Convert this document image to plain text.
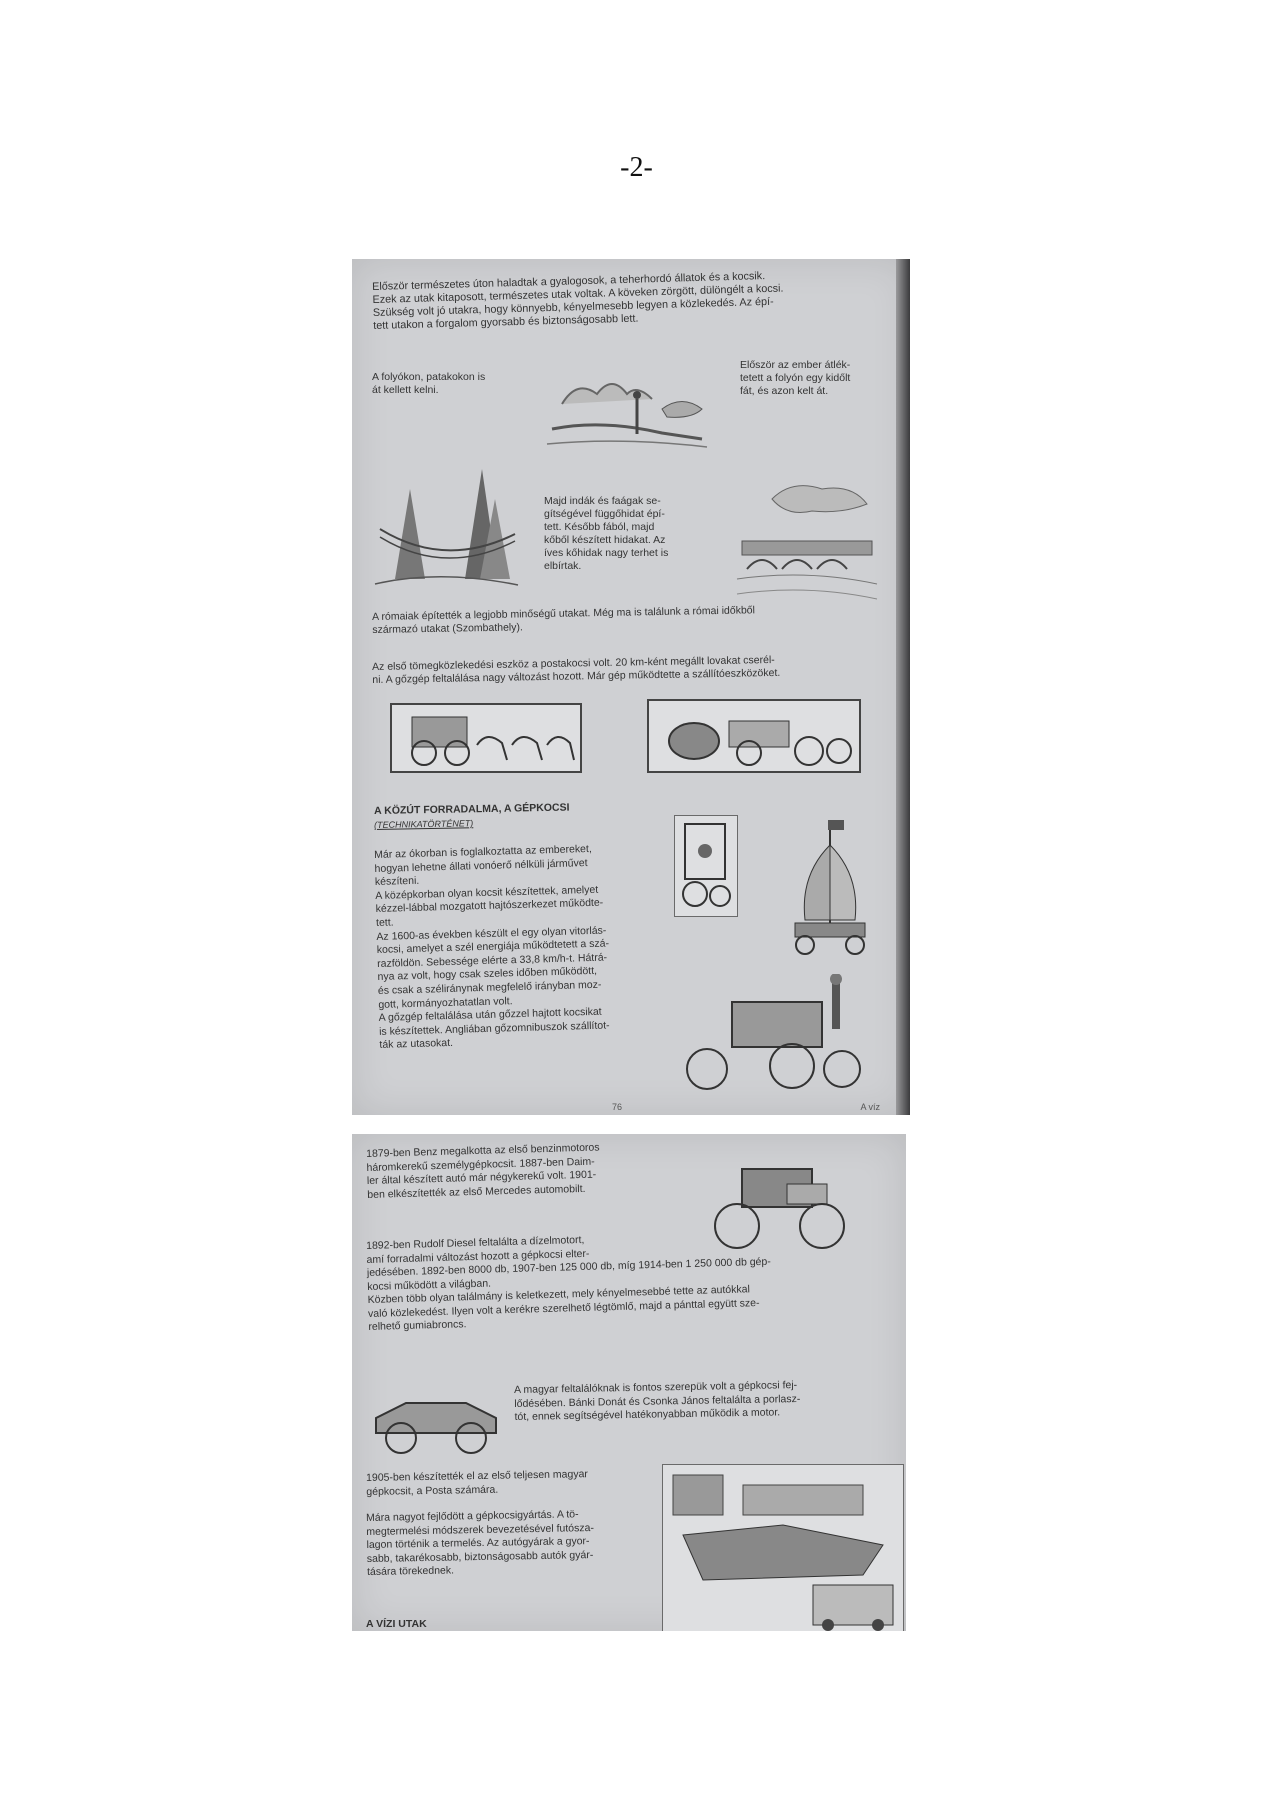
-2-
Először természetes úton haladtak a gyalogosok, a teherhordó állatok és a kocsik.
Ezek az utak kitaposott, természetes utak voltak. A köveken zörgött, dülöngélt a kocsi.
Szükség volt jó utakra, hogy könnyebb, kényelmesebb legyen a közlekedés. Az épí-
tett utakon a forgalom gyorsabb és biztonságosabb lett.
A folyókon, patakokon is
át kellett kelni.
Először az ember átlék-
tetett a folyón egy kidőlt
fát, és azon kelt át.
Majd indák és faágak se-
gítségével függőhidat épí-
tett. Később fából, majd
kőből készített hidakat. Az
íves kőhidak nagy terhet is
elbírtak.
A rómaiak építették a legjobb minőségű utakat. Még ma is találunk a római időkből
származó utakat (Szombathely).
Az első tömegközlekedési eszköz a postakocsi volt. 20 km-ként megállt lovakat cserél-
ni. A gőzgép feltalálása nagy változást hozott. Már gép működtette a szállítóeszközöket.
A KÖZÚT FORRADALMA, A GÉPKOCSI
(TECHNIKATÖRTÉNET)
Már az ókorban is foglalkoztatta az embereket,
hogyan lehetne állati vonóerő nélküli járművet
készíteni.
A középkorban olyan kocsit készítettek, amelyet
kézzel-lábbal mozgatott hajtószerkezet működte-
tett.
Az 1600-as években készült el egy olyan vitorlás-
kocsi, amelyet a szél energiája működtetett a szá-
razföldön. Sebessége elérte a 33,8 km/h-t. Hátrá-
nya az volt, hogy csak szeles időben működött,
és csak a széliránynak megfelelő irányban moz-
gott, kormányozhatatlan volt.
A gőzgép feltalálása után gőzzel hajtott kocsikat
is készítettek. Angliában gőzomnibuszok szállítot-
ták az utasokat.
76	A víz
1879-ben Benz megalkotta az első benzinmotoros
háromkerekű személygépkocsit. 1887-ben Daim-
ler által készített autó már négykerekű volt. 1901-
ben elkészítették az első Mercedes automobilt.
1892-ben Rudolf Diesel feltalálta a dízelmotort,
amí forradalmi változást hozott a gépkocsi elter-
jedésében. 1892-ben 8000 db, 1907-ben 125 000 db, míg 1914-ben 1 250 000 db gép-
kocsi működött a világban.
Közben több olyan találmány is keletkezett, mely kényelmesebbé tette az autókkal
való közlekedést. Ilyen volt a kerékre szerelhető légtömlő, majd a pánttal együtt sze-
relhető gumiabroncs.
A magyar feltalálóknak is fontos szerepük volt a gépkocsi fej-
lődésében. Bánki Donát és Csonka János feltalálta a porlasz-
tót, ennek segítségével hatékonyabban működik a motor.
1905-ben készítették el az első teljesen magyar
gépkocsit, a Posta számára.
Mára nagyot fejlődött a gépkocsigyártás. A tö-
megtermelési módszerek bevezetésével futósza-
lagon történik a termelés. Az autógyárak a gyor-
sabb, takarékosabb, biztonságosabb autók gyár-
tására törekednek.
A VÍZI UTAK
